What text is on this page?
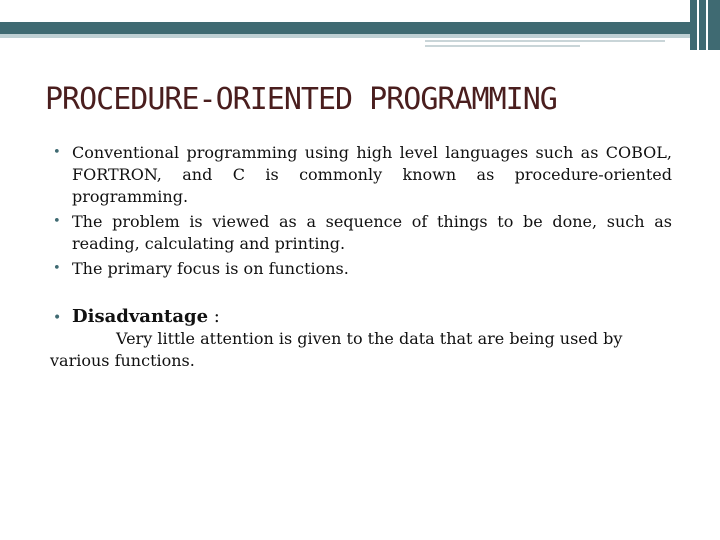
PROCEDURE-ORIENTED PROGRAMMING
• Conventional programming using high level languages such as COBOL, FORTRON, and C is commonly known as procedure-oriented programming.
• The problem is viewed as a sequence of things to be done, such as reading, calculating and printing.
• The primary focus is on functions.
• Disadvantage :
Very little attention is given to the data that are being used by various functions.
